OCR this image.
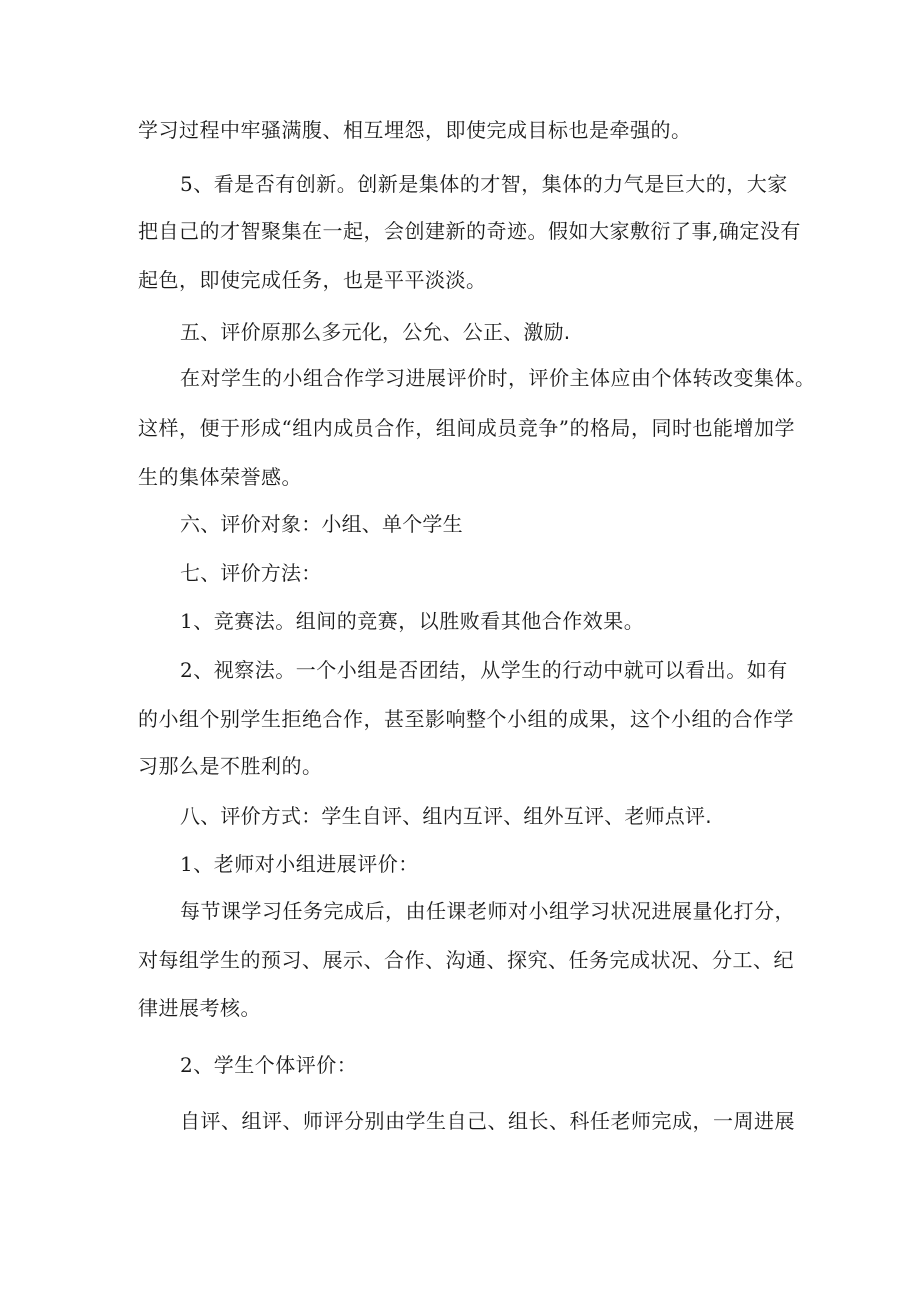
学习过程中牢骚满腹、相互埋怨，即使完成目标也是牵强的。
5、看是否有创新。创新是集体的才智，集体的力气是巨大的，大家
把自己的才智聚集在一起，会创建新的奇迹。假如大家敷衍了事,确定没有
起色，即使完成任务，也是平平淡淡。
五、评价原那么多元化，公允、公正、激励.
在对学生的小组合作学习进展评价时，评价主体应由个体转改变集体。
这样，便于形成“组内成员合作，组间成员竞争”的格局，同时也能增加学
生的集体荣誉感。
六、评价对象：小组、单个学生
七、评价方法：
1、竞赛法。组间的竞赛，以胜败看其他合作效果。
2、视察法。一个小组是否团结，从学生的行动中就可以看出。如有
的小组个别学生拒绝合作，甚至影响整个小组的成果，这个小组的合作学
习那么是不胜利的。
八、评价方式：学生自评、组内互评、组外互评、老师点评.
1、老师对小组进展评价：
每节课学习任务完成后，由任课老师对小组学习状况进展量化打分，
对每组学生的预习、展示、合作、沟通、探究、任务完成状况、分工、纪
律进展考核。
2、学生个体评价：
自评、组评、师评分别由学生自己、组长、科任老师完成，一周进展
